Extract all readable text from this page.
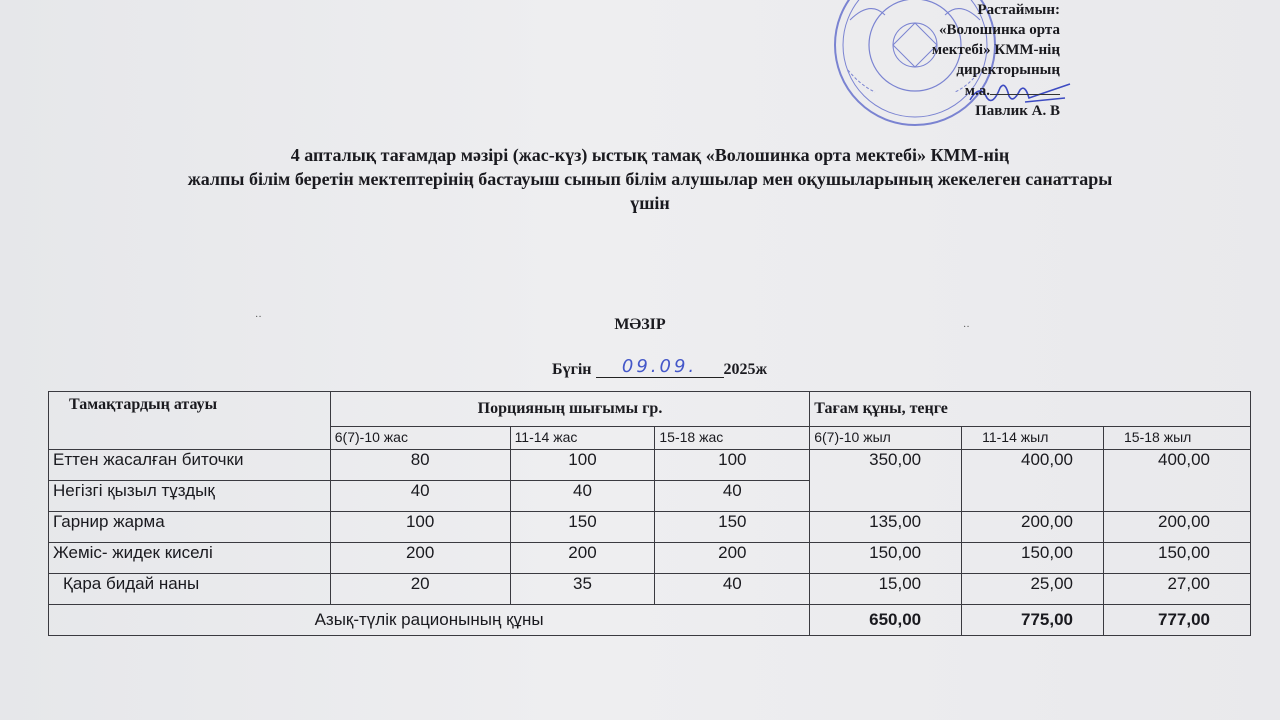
Растаймын:
«Волошинка орта
мектебі» КММ-нің
директорының
м.а.
Павлик А. В
4 апталық тағамдар мәзірі (жас-күз) ыстық тамақ «Волошинка орта мектебі» КММ-нің
жалпы білім беретін мектептерінің бастауыш сынып білім алушылар мен оқушыларының жекелеген санаттары
үшін
··
··
МӘЗІР
Бүгін 09.09. 2025ж
Тамақтардың атауы	Порцияның шығымы гр.			Тағам құны, теңге		
	6(7)-10 жас	11-14 жас	15-18 жас	6(7)-10 жыл	11-14 жыл	15-18 жыл
Еттен жасалған биточки	80	100	100	350,00	400,00	400,00
Негізгі қызыл тұздық	40	40	40			
Гарнир жарма	100	150	150	135,00	200,00	200,00
Жеміс- жидек киселі	200	200	200	150,00	150,00	150,00
Қара бидай наны	20	35	40	15,00	25,00	27,00
Азық-түлік рационының құны				650,00	775,00	777,00
